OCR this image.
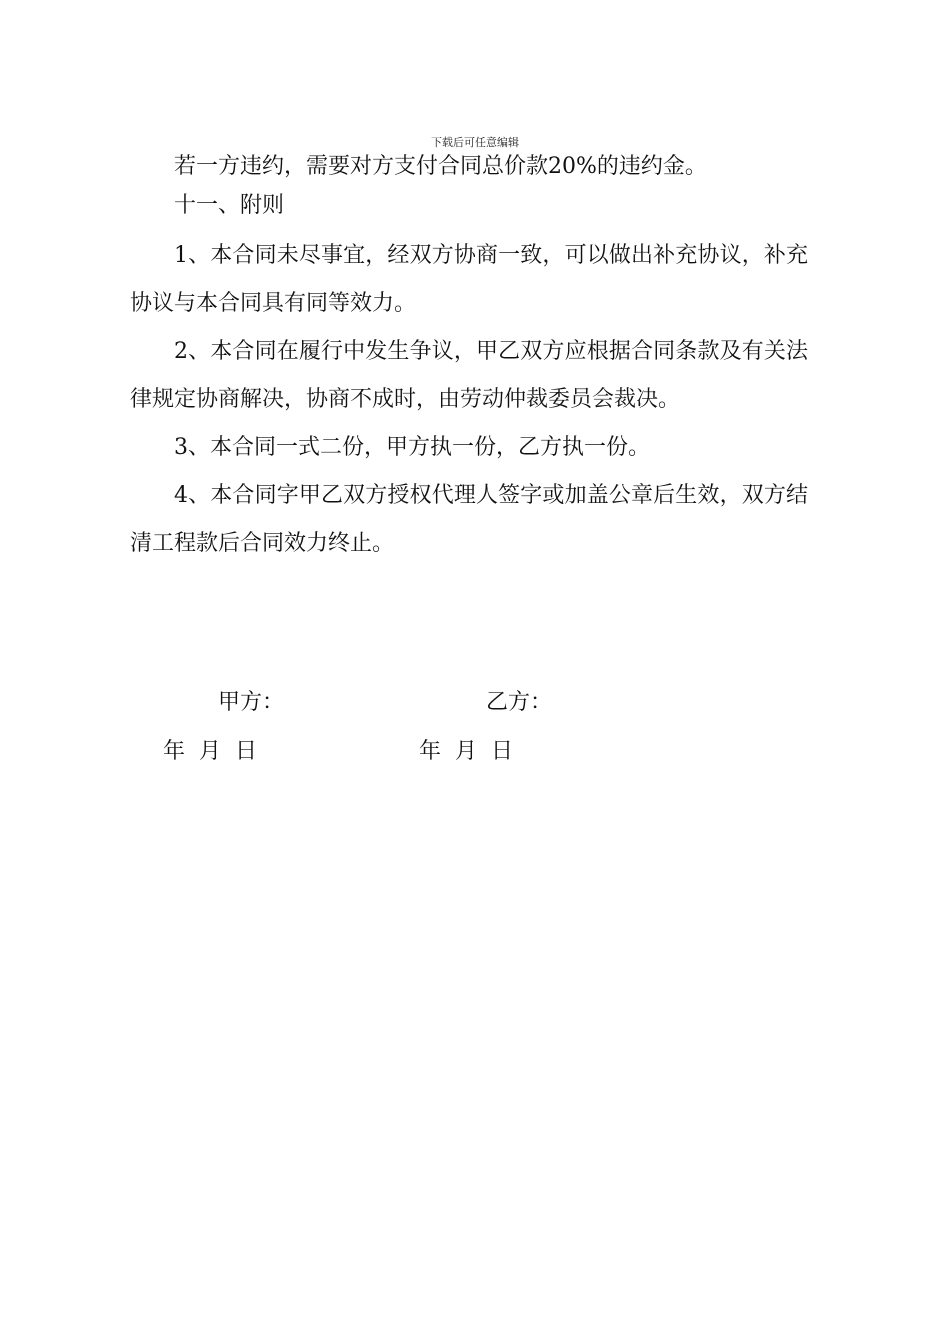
下载后可任意编辑

若一方违约，需要对方支付合同总价款20%的违约金。

十一、附则

1、本合同未尽事宜，经双方协商一致，可以做出补充协议，补充协议与本合同具有同等效力。

2、本合同在履行中发生争议，甲乙双方应根据合同条款及有关法律规定协商解决，协商不成时，由劳动仲裁委员会裁决。

3、本合同一式二份，甲方执一份，乙方执一份。

4、本合同字甲乙双方授权代理人签字或加盖公章后生效，双方结清工程款后合同效力终止。

甲方：	乙方：
年  月  日	年  月  日
